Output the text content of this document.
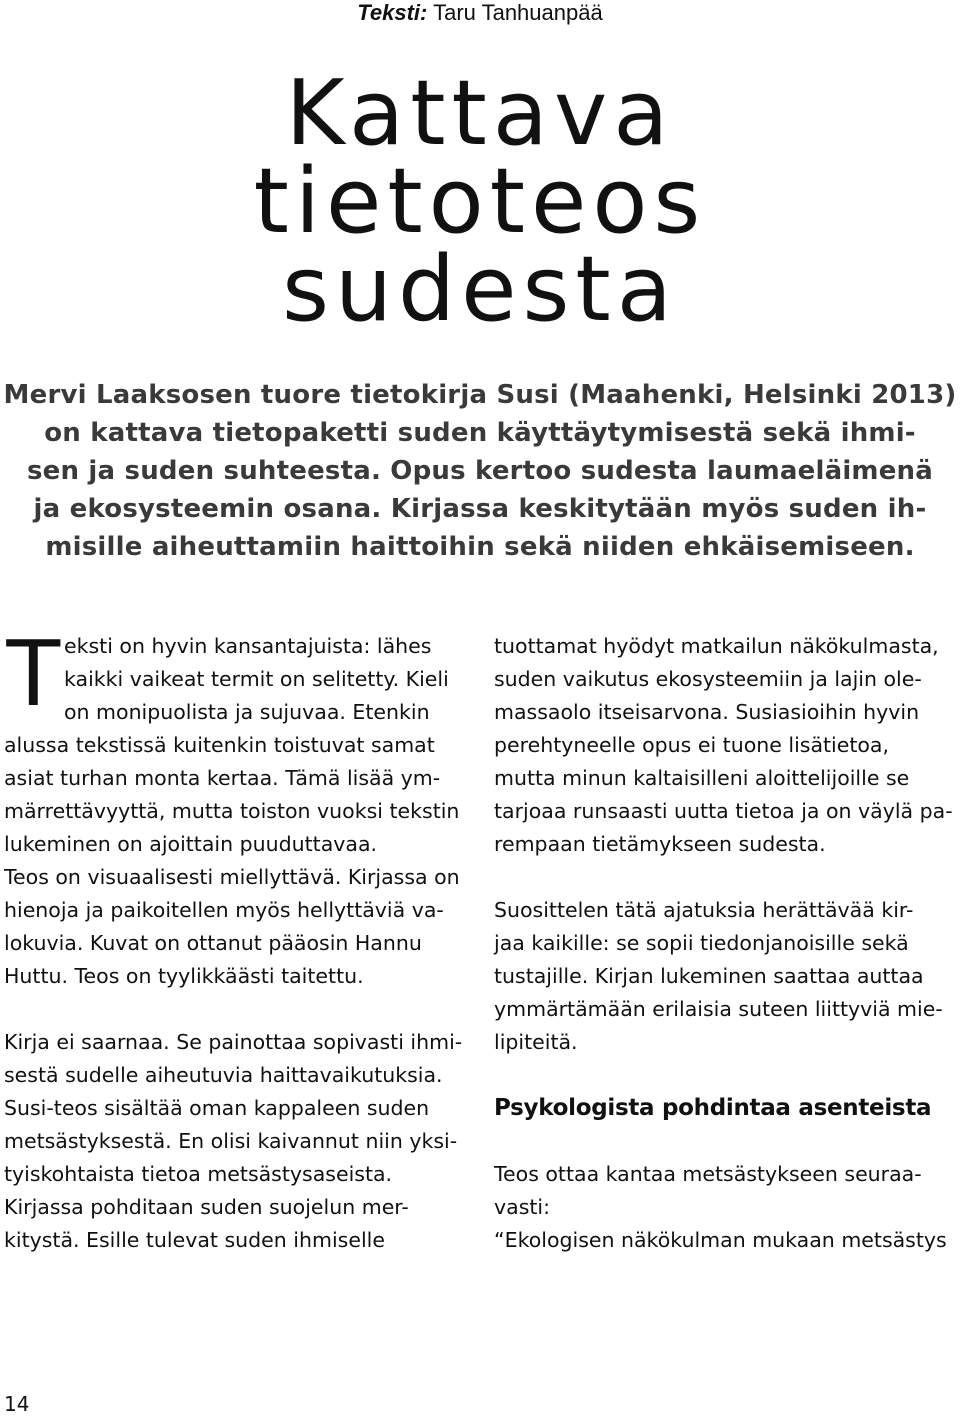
Teksti: Taru Tanhuanpää
Kattava
tietoteos
sudesta
Mervi Laaksosen tuore tietokirja Susi (Maahenki, Helsinki 2013)
on kattava tietopaketti suden käyttäytymisestä sekä ihmi-
sen ja suden suhteesta. Opus kertoo sudesta laumaeläimenä
ja ekosysteemin osana. Kirjassa keskitytään myös suden ih-
misille aiheuttamiin haittoihin sekä niiden ehkäisemiseen.
T eksti on hyvin kansantajuista: lähes
kaikki vaikeat termit on selitetty. Kieli
on monipuolista ja sujuvaa. Etenkin
alussa tekstissä kuitenkin toistuvat samat
asiat turhan monta kertaa. Tämä lisää ym-
märrettävyyttä, mutta toiston vuoksi tekstin
lukeminen on ajoittain puuduttavaa.
Teos on visuaalisesti miellyttävä. Kirjassa on
hienoja ja paikoitellen myös hellyttäviä va-
lokuvia. Kuvat on ottanut pääosin Hannu
Huttu. Teos on tyylikkäästi taitettu.
Kirja ei saarnaa. Se painottaa sopivasti ihmi-
sestä sudelle aiheutuvia haittavaikutuksia.
Susi-teos sisältää oman kappaleen suden
metsästyksestä. En olisi kaivannut niin yksi-
tyiskohtaista tietoa metsästysaseista.
Kirjassa pohditaan suden suojelun mer-
kitystä. Esille tulevat suden ihmiselle
tuottamat hyödyt matkailun näkökulmasta,
suden vaikutus ekosysteemiin ja lajin ole-
massaolo itseisarvona. Susiasioihin hyvin
perehtyneelle opus ei tuone lisätietoa,
mutta minun kaltaisilleni aloittelijoille se
tarjoaa runsaasti uutta tietoa ja on väylä pa-
rempaan tietämykseen sudesta.
Suosittelen tätä ajatuksia herättävää kir-
jaa kaikille: se sopii tiedonjanoisille sekä
tustajille. Kirjan lukeminen saattaa auttaa
ymmärtämään erilaisia suteen liittyviä mie-
lipiteitä.
Psykologista pohdintaa asenteista
Teos ottaa kantaa metsästykseen seuraa-
vasti:
“Ekologisen näkökulman mukaan metsästys
14
